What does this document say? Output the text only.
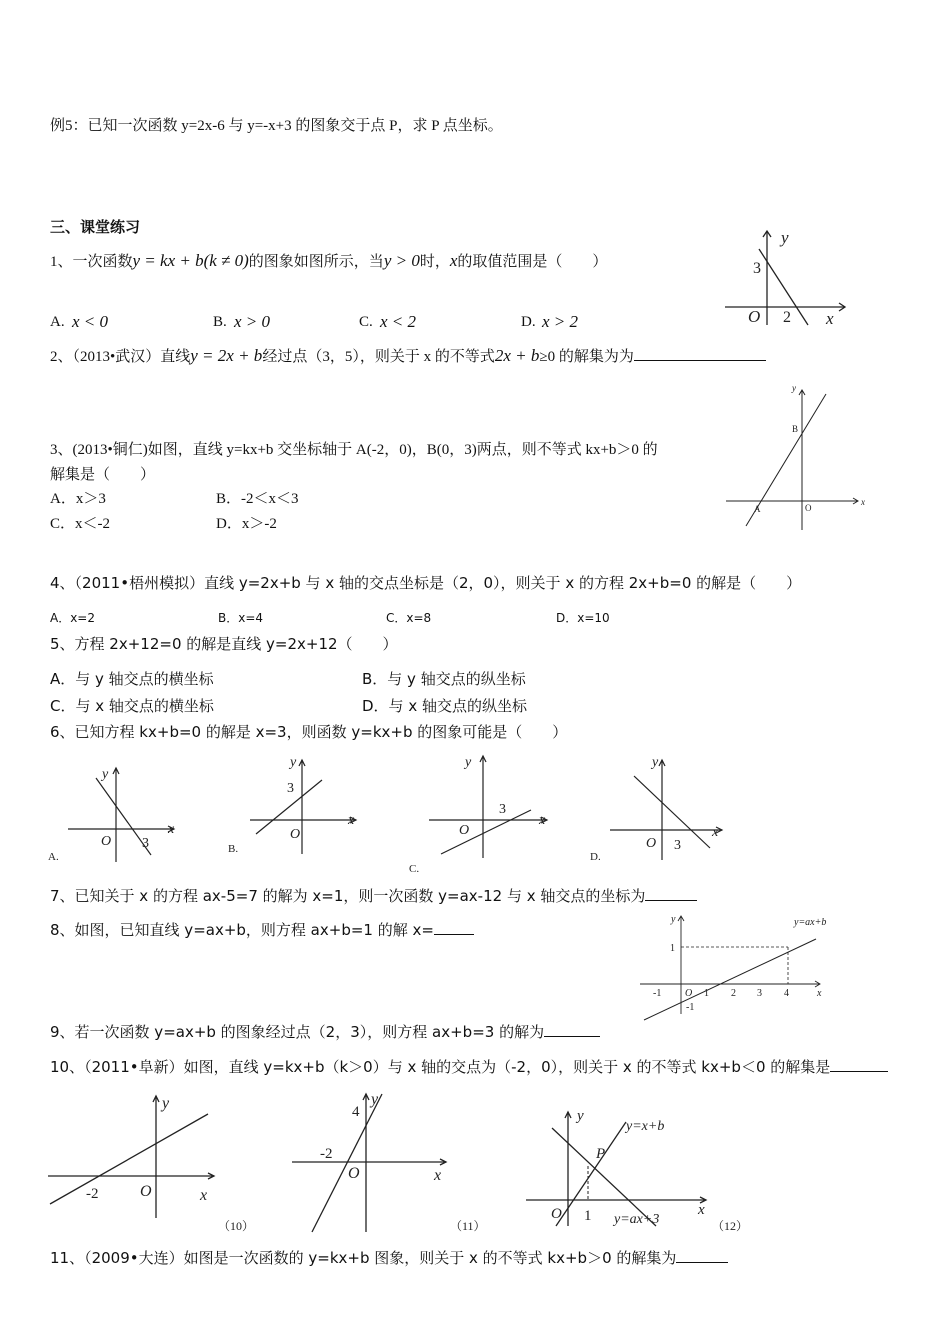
例5：已知一次函数 y=2x-6 与 y=-x+3 的图象交于点 P，求 P 点坐标。
三、课堂练习
1、一次函数y = kx + b(k ≠ 0)的图象如图所示，当y > 0时，x的取值范围是（　　）
A. x < 0	B. x > 0	C. x < 2	D. x > 2
y
x
O
3
2
2、（2013•武汉）直线y = 2x + b经过点（3，5），则关于 x 的不等式2x + b≥0 的解集为为
3、(2013•铜仁)如图，直线 y=kx+b 交坐标轴于 A(-2，0)，B(0，3)两点，则不等式 kx+b＞0 的
解集是（　　）
A．x＞3	B．-2＜x＜3
C．x＜-2	D．x＞-2
y
x
B
A	O
4、（2011•梧州模拟）直线 y=2x+b 与 x 轴的交点坐标是（2，0），则关于 x 的方程 2x+b=0 的解是（　　）
A．x=2	B．x=4	C．x=8	D．x=10
5、方程 2x+12=0 的解是直线 y=2x+12（　　）
A．与 y 轴交点的横坐标	B．与 y 轴交点的纵坐标
C．与 x 轴交点的横坐标	D．与 x 轴交点的纵坐标
6、已知方程 kx+b=0 的解是 x=3，则函数 y=kx+b 的图象可能是（　　）
y
x
O 3
A.
y
x
O
3
B.
y
x
O
3
C.
y
x
O 3
D.
7、已知关于 x 的方程 ax-5=7 的解为 x=1，则一次函数 y=ax-12 与 x 轴交点的坐标为
8、如图，已知直线 y=ax+b，则方程 ax+b=1 的解 x=	y=ax+b
y
x
1
-1
O
-1	1 2 3 4
9、若一次函数 y=ax+b 的图象经过点（2，3），则方程 ax+b=3 的解为
10、（2011•阜新）如图，直线 y=kx+b（k＞0）与 x 轴的交点为（-2，0），则关于 x 的不等式 kx+b＜0 的解集是
y
x
O
-2
（10）
y
x
O
4
-2
（11）
y
x
O 1
P
y=x+b
y=ax+3	（12）
11、（2009•大连）如图是一次函数的 y=kx+b 图象，则关于 x 的不等式 kx+b＞0 的解集为
